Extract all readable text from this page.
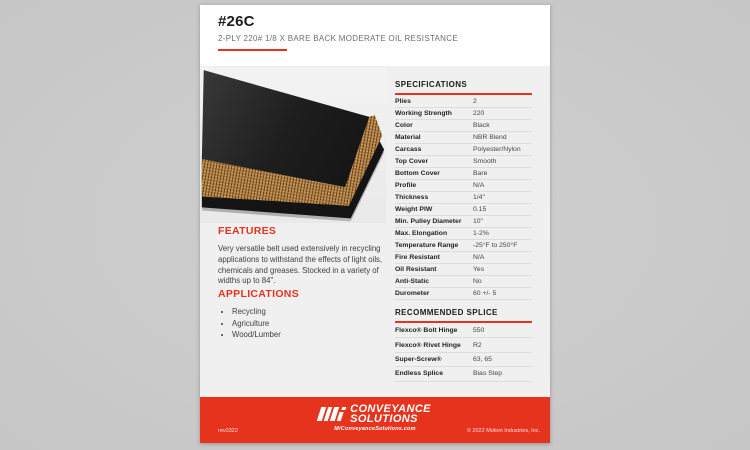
#26C
2-PLY 220# 1/8 X BARE BACK MODERATE OIL RESISTANCE
FEATURES
Very versatile belt used extensively in recycling applications to withstand the effects of light oils, chemicals and greases. Stocked in a variety of widths up to 84".
APPLICATIONS
• Recycling
• Agriculture
• Wood/Lumber
SPECIFICATIONS
Plies	2
Working Strength	220
Color	Black
Material	NBR Blend
Carcass	Polyester/Nylon
Top Cover	Smooth
Bottom Cover	Bare
Profile	N/A
Thickness	1/4"
Weight PIW	0.15
Min. Pulley Diameter	10"
Max. Elongation	1-2%
Temperature Range	-25°F to 250°F
Fire Resistant	N/A
Oil Resistant	Yes
Anti-Static	No
Durometer	60 +/- 5
RECOMMENDED SPLICE
Flexco® Bolt Hinge	550
Flexco® Rivet Hinge	R2
Super-Screw®	63, 65
Endless Splice	Bias Step
CONVEYANCE
SOLUTIONS
MiConveyanceSolutions.com
rev0322	© 2022 Motion Industries, Inc.
